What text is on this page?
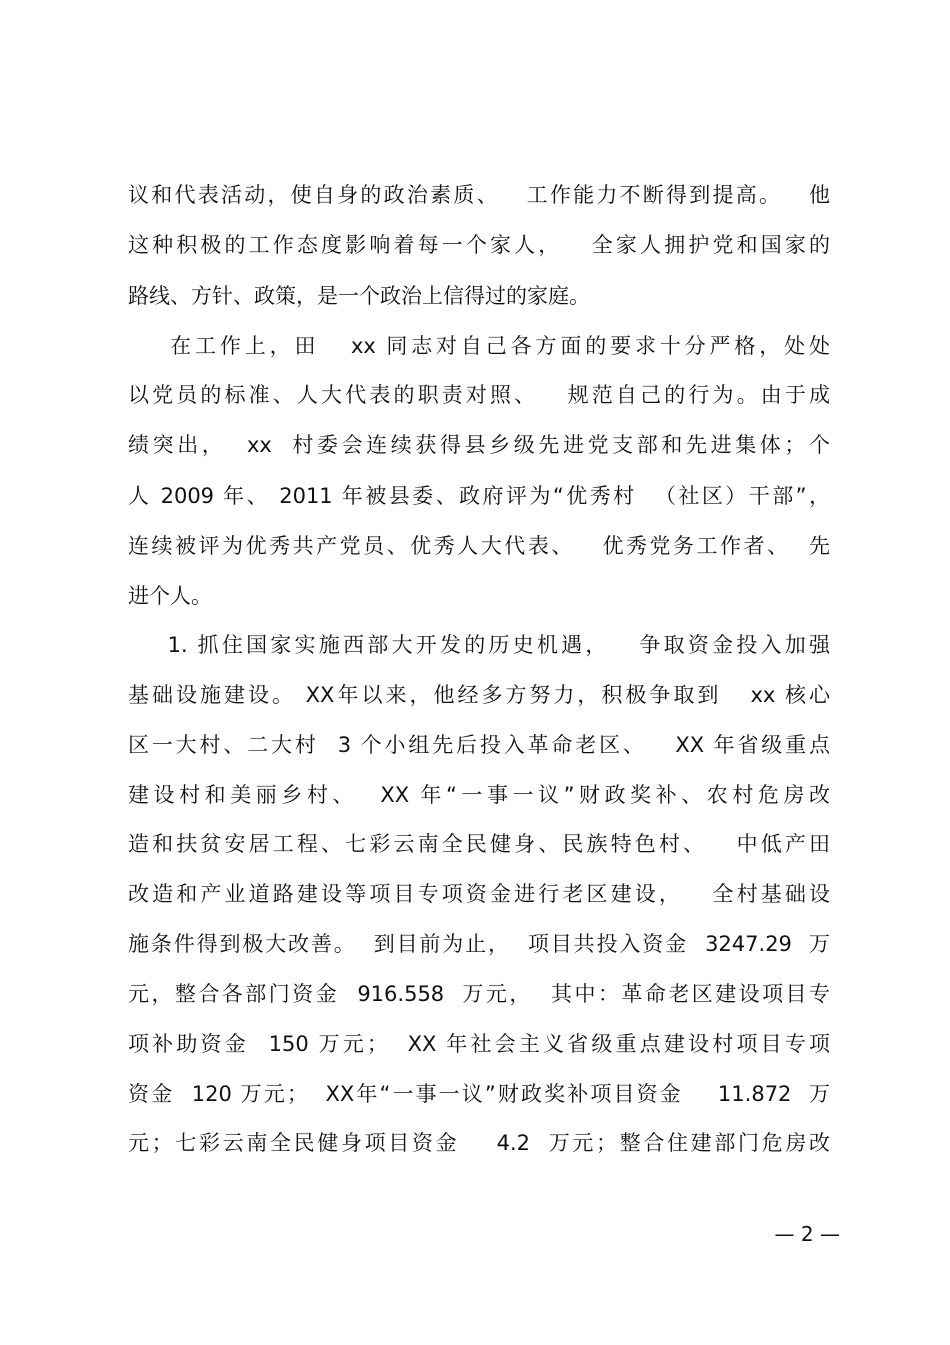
议和代表活动，使自身的政治素质、   工作能力不断得到提高。   他
这种积极的工作态度影响着每一个家人，   全家人拥护党和国家的
路线、方针、政策，是一个政治上信得过的家庭。
在工作上，田   xx 同志对自己各方面的要求十分严格，处处
以党员的标准、人大代表的职责对照、   规范自己的行为。由于成
绩突出，  xx  村委会连续获得县乡级先进党支部和先进集体；个
人 2009 年、 2011 年被县委、政府评为“优秀村  （社区）干部”，
连续被评为优秀共产党员、优秀人大代表、   优秀党务工作者、  先
进个人。
1. 抓住国家实施西部大开发的历史机遇，   争取资金投入加强
基础设施建设。 XX年以来，他经多方努力，积极争取到   xx 核心
区一大村、二大村  3 个小组先后投入革命老区、   XX 年省级重点
建设村和美丽乡村、  XX 年“一事一议”财政奖补、农村危房改
造和扶贫安居工程、七彩云南全民健身、民族特色村、   中低产田
改造和产业道路建设等项目专项资金进行老区建设，   全村基础设
施条件得到极大改善。  到目前为止，  项目共投入资金  3247.29  万
元，整合各部门资金  916.558  万元，  其中：革命老区建设项目专
项补助资金  150 万元；  XX 年社会主义省级重点建设村项目专项
资金  120 万元；  XX年“一事一议”财政奖补项目资金    11.872  万
元；七彩云南全民健身项目资金    4.2  万元；整合住建部门危房改
— 2 —
